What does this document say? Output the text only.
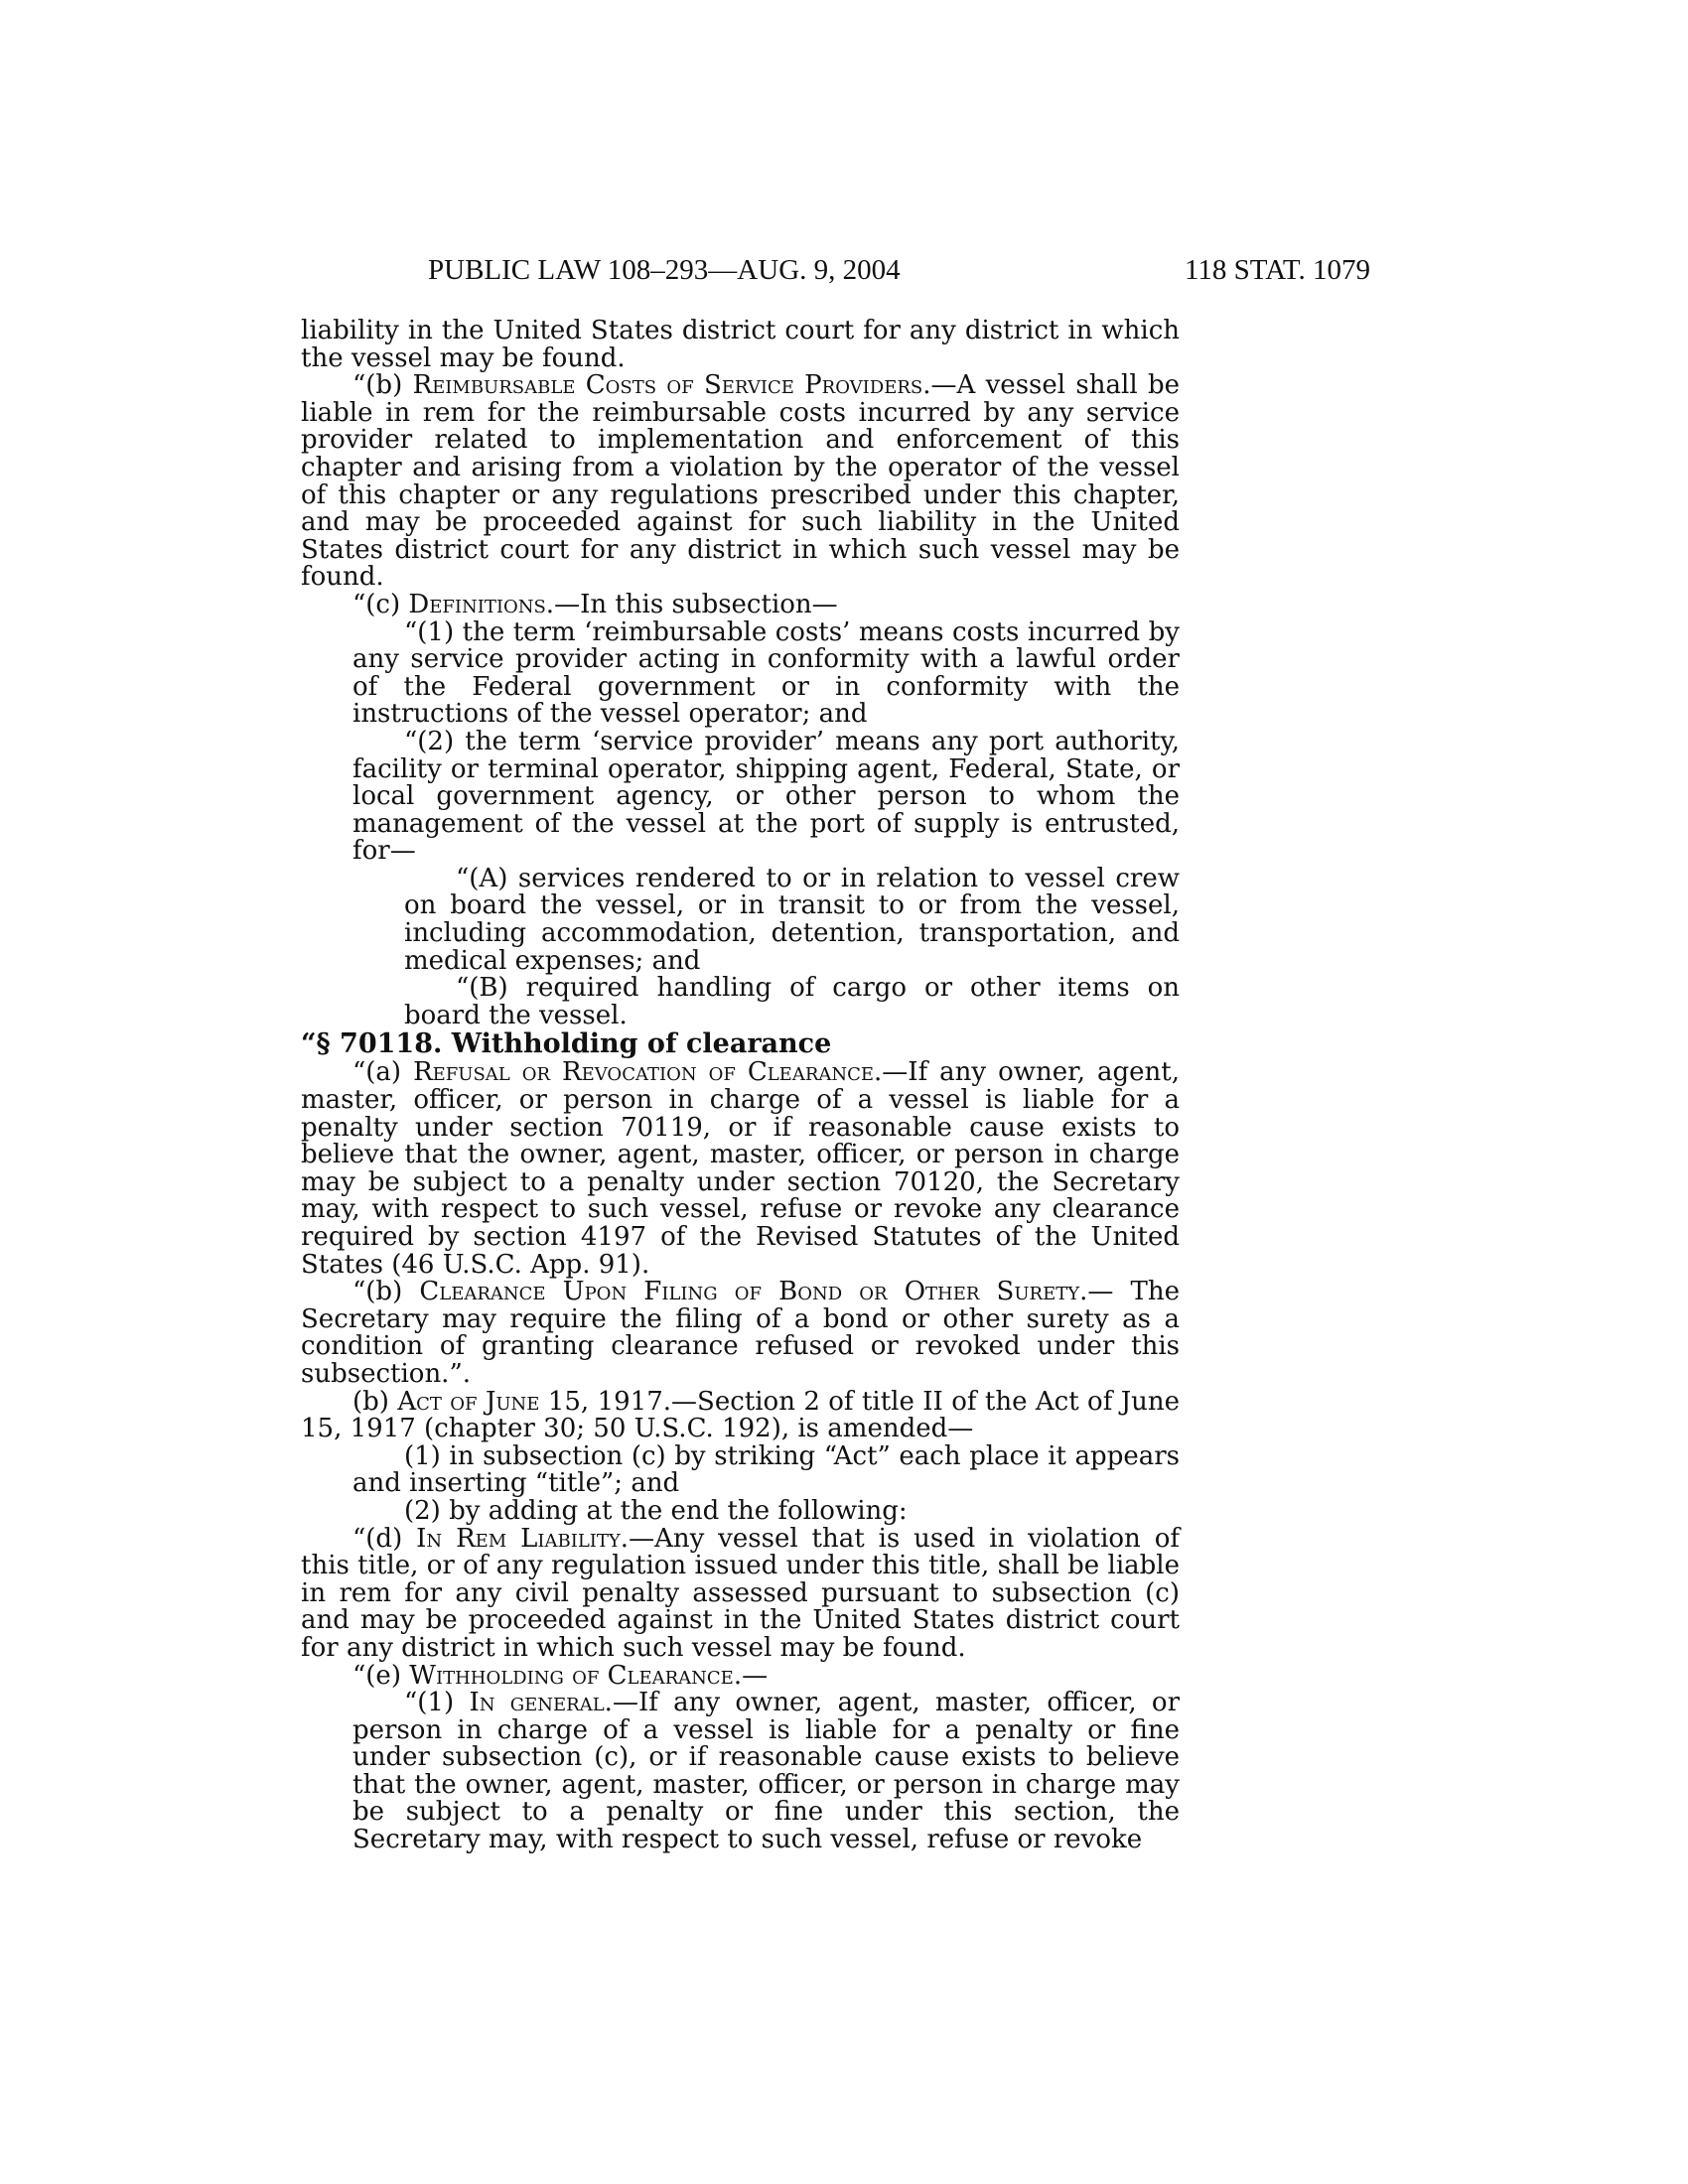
PUBLIC LAW 108–293—AUG. 9, 2004	118 STAT. 1079

liability in the United States district court for any district in which the vessel may be found.

“(b) Reimbursable Costs of Service Providers.—A vessel shall be liable in rem for the reimbursable costs incurred by any service provider related to implementation and enforcement of this chapter and arising from a violation by the operator of the vessel of this chapter or any regulations prescribed under this chapter, and may be proceeded against for such liability in the United States district court for any district in which such vessel may be found.

“(c) Definitions.—In this subsection—

“(1) the term ‘reimbursable costs’ means costs incurred by any service provider acting in conformity with a lawful order of the Federal government or in conformity with the instructions of the vessel operator; and

“(2) the term ‘service provider’ means any port authority, facility or terminal operator, shipping agent, Federal, State, or local government agency, or other person to whom the management of the vessel at the port of supply is entrusted, for—

“(A) services rendered to or in relation to vessel crew on board the vessel, or in transit to or from the vessel, including accommodation, detention, transportation, and medical expenses; and

“(B) required handling of cargo or other items on board the vessel.

“§ 70118. Withholding of clearance

“(a) Refusal or Revocation of Clearance.—If any owner, agent, master, officer, or person in charge of a vessel is liable for a penalty under section 70119, or if reasonable cause exists to believe that the owner, agent, master, officer, or person in charge may be subject to a penalty under section 70120, the Secretary may, with respect to such vessel, refuse or revoke any clearance required by section 4197 of the Revised Statutes of the United States (46 U.S.C. App. 91).

“(b) Clearance Upon Filing of Bond or Other Surety.— The Secretary may require the filing of a bond or other surety as a condition of granting clearance refused or revoked under this subsection.”.

(b) Act of June 15, 1917.—Section 2 of title II of the Act of June 15, 1917 (chapter 30; 50 U.S.C. 192), is amended—

(1) in subsection (c) by striking “Act” each place it appears and inserting “title”; and

(2) by adding at the end the following:

“(d) In Rem Liability.—Any vessel that is used in violation of this title, or of any regulation issued under this title, shall be liable in rem for any civil penalty assessed pursuant to subsection (c) and may be proceeded against in the United States district court for any district in which such vessel may be found.

“(e) Withholding of Clearance.—

“(1) In general.—If any owner, agent, master, officer, or person in charge of a vessel is liable for a penalty or fine under subsection (c), or if reasonable cause exists to believe that the owner, agent, master, officer, or person in charge may be subject to a penalty or fine under this section, the Secretary may, with respect to such vessel, refuse or revoke
